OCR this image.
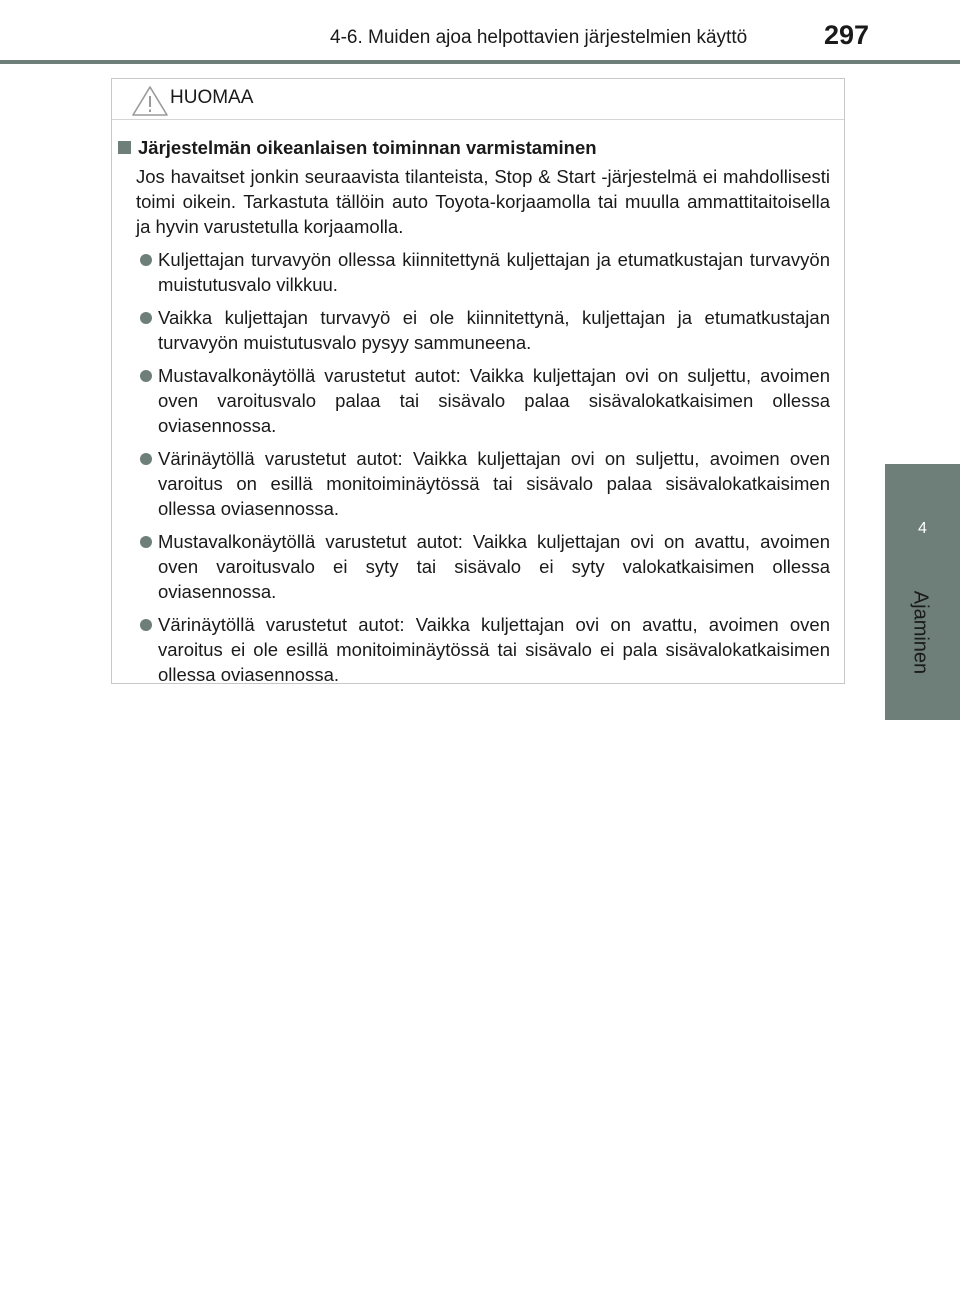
4-6. Muiden ajoa helpottavien järjestelmien käyttö	297
4
Ajaminen
HUOMAA
Järjestelmän oikeanlaisen toiminnan varmistaminen

Jos havaitset jonkin seuraavista tilanteista, Stop & Start -järjestelmä ei mahdollisesti toimi oikein. Tarkastuta tällöin auto Toyota-korjaamolla tai muulla ammattitaitoisella ja hyvin varustetulla korjaamolla.

Kuljettajan turvavyön ollessa kiinnitettynä kuljettajan ja etumatkustajan turvavyön muistutusvalo vilkkuu.
Vaikka kuljettajan turvavyö ei ole kiinnitettynä, kuljettajan ja etumatkustajan turvavyön muistutusvalo pysyy sammuneena.
Mustavalkonäytöllä varustetut autot: Vaikka kuljettajan ovi on suljettu, avoimen oven varoitusvalo palaa tai sisävalo palaa sisävalokatkaisimen ollessa oviasennossa.
Värinäytöllä varustetut autot: Vaikka kuljettajan ovi on suljettu, avoimen oven varoitus on esillä monitoiminäytössä tai sisävalo palaa sisävalokatkaisimen ollessa oviasennossa.
Mustavalkonäytöllä varustetut autot: Vaikka kuljettajan ovi on avattu, avoimen oven varoitusvalo ei syty tai sisävalo ei syty valokatkaisimen ollessa oviasennossa.
Värinäytöllä varustetut autot: Vaikka kuljettajan ovi on avattu, avoimen oven varoitus ei ole esillä monitoiminäytössä tai sisävalo ei pala sisävalokatkaisimen ollessa oviasennossa.
